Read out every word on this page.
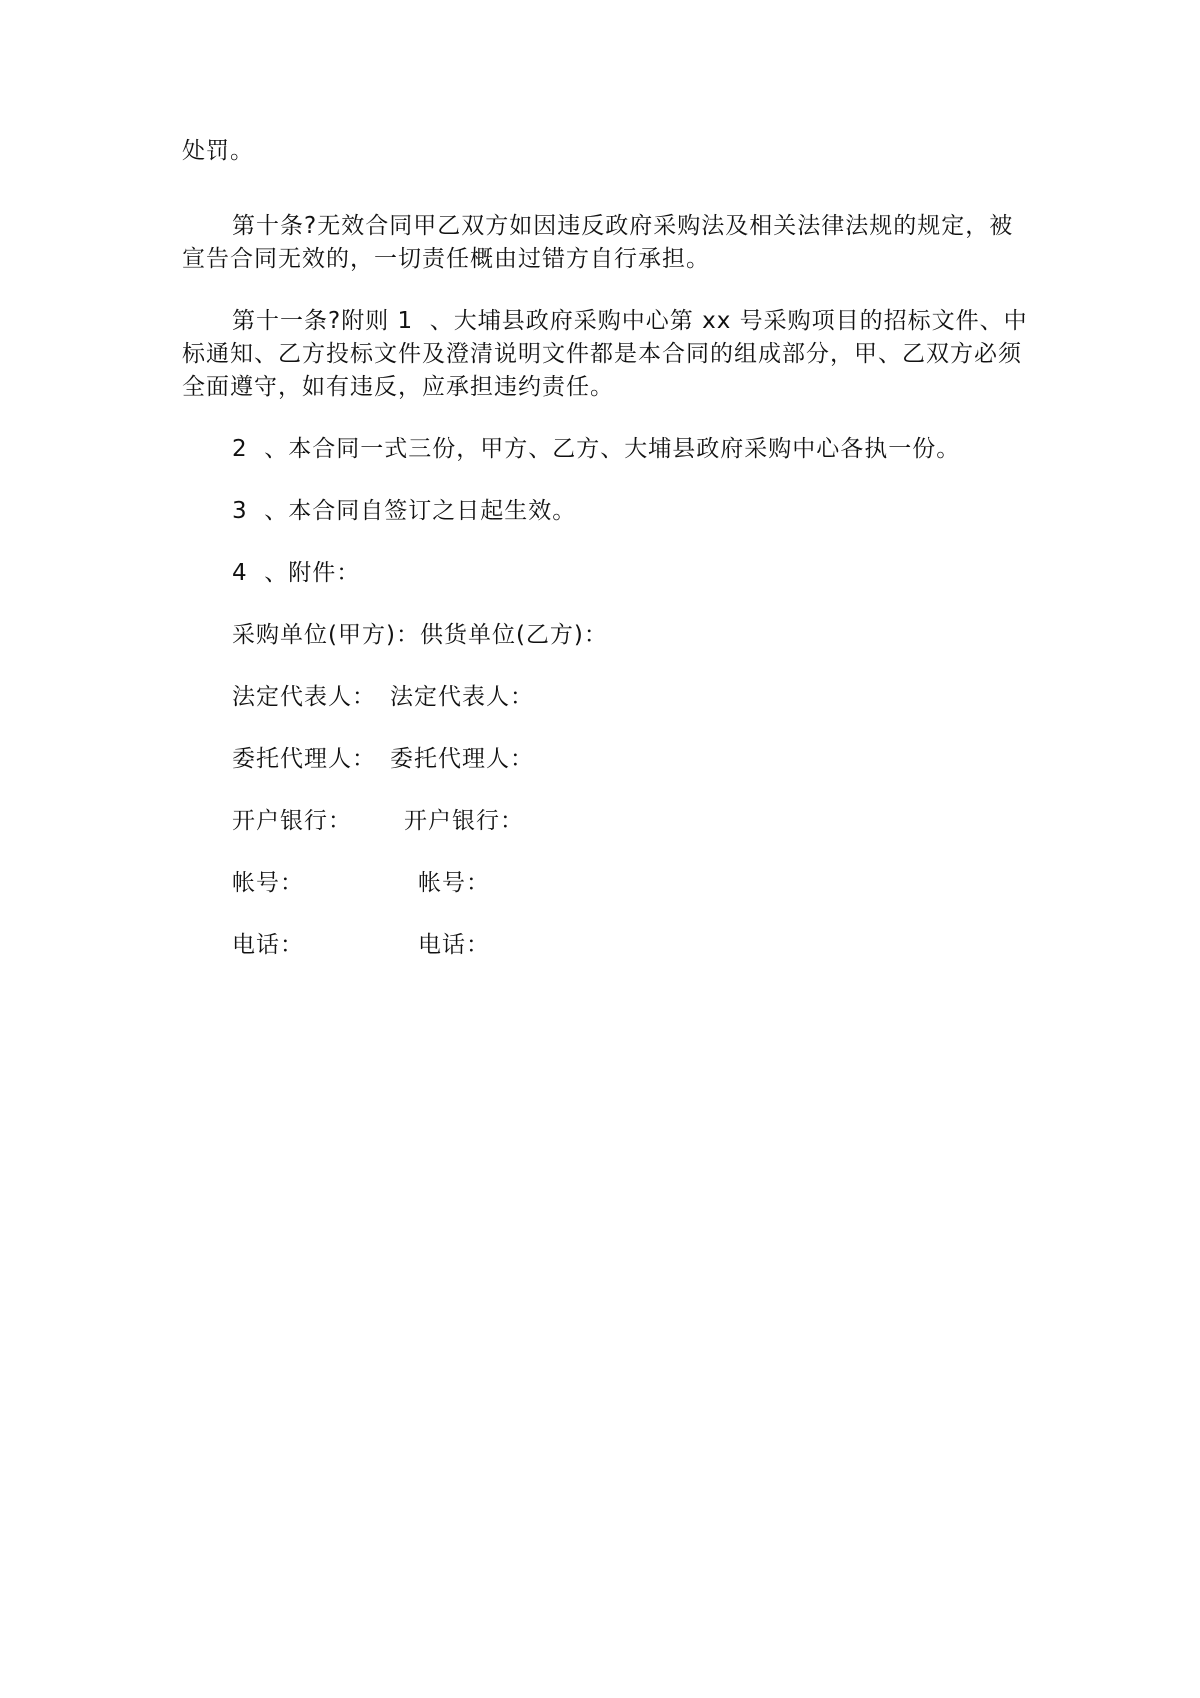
处罚。
第十条?无效合同甲乙双方如因违反政府采购法及相关法律法规的规定，被
宣告合同无效的，一切责任概由过错方自行承担。
第十一条?附则 1  、大埔县政府采购中心第 xx 号采购项目的招标文件、中
标通知、乙方投标文件及澄清说明文件都是本合同的组成部分，甲、乙双方必须
全面遵守，如有违反，应承担违约责任。
2  、本合同一式三份，甲方、乙方、大埔县政府采购中心各执一份。
3  、本合同自签订之日起生效。
4  、附件：
采购单位(甲方)：供货单位(乙方)：
法定代表人： 法定代表人：
委托代理人： 委托代理人：
开户银行： 开户银行：
帐号：	帐号：
电话：	电话：
